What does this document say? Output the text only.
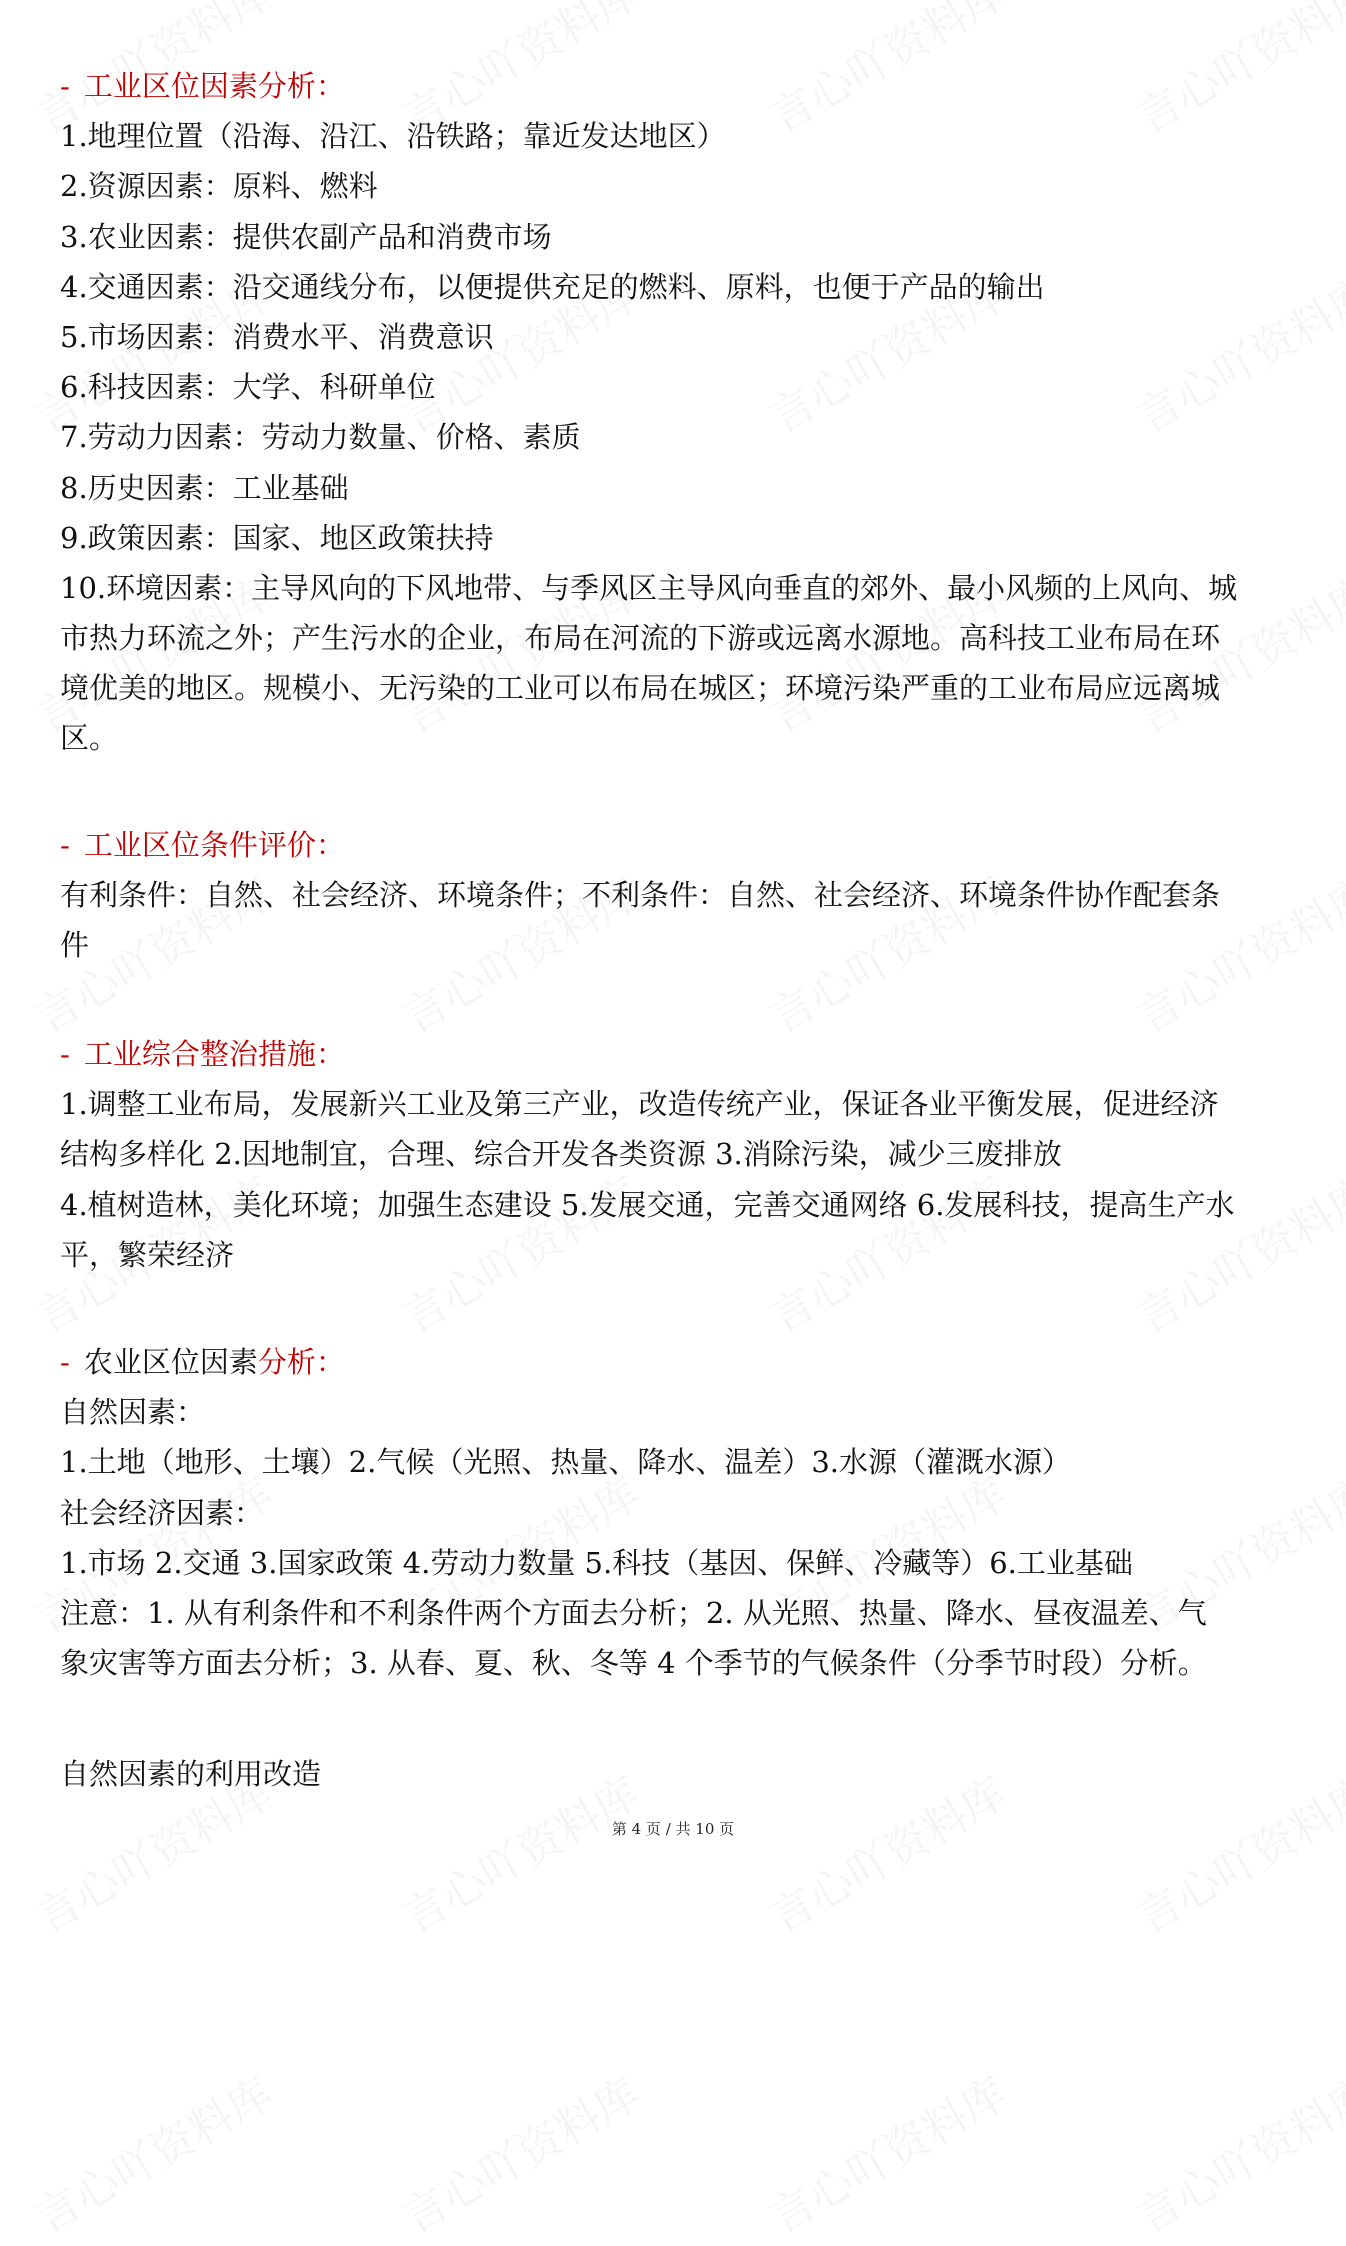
- 工业区位因素分析：
1.地理位置（沿海、沿江、沿铁路；靠近发达地区）
2.资源因素：原料、燃料
3.农业因素：提供农副产品和消费市场
4.交通因素：沿交通线分布，以便提供充足的燃料、原料，也便于产品的输出
5.市场因素：消费水平、消费意识
6.科技因素：大学、科研单位
7.劳动力因素：劳动力数量、价格、素质
8.历史因素：工业基础
9.政策因素：国家、地区政策扶持
10.环境因素：主导风向的下风地带、与季风区主导风向垂直的郊外、最小风频的上风向、城
市热力环流之外；产生污水的企业，布局在河流的下游或远离水源地。高科技工业布局在环
境优美的地区。规模小、无污染的工业可以布局在城区；环境污染严重的工业布局应远离城
区。
- 工业区位条件评价：
有利条件：自然、社会经济、环境条件；不利条件：自然、社会经济、环境条件协作配套条
件
- 工业综合整治措施：
1.调整工业布局，发展新兴工业及第三产业，改造传统产业，保证各业平衡发展，促进经济
结构多样化 2.因地制宜，合理、综合开发各类资源 3.消除污染，减少三废排放
4.植树造林，美化环境；加强生态建设 5.发展交通，完善交通网络 6.发展科技，提高生产水
平，繁荣经济
- 农业区位因素分析：
自然因素：
1.土地（地形、土壤）2.气候（光照、热量、降水、温差）3.水源（灌溉水源）
社会经济因素：
1.市场 2.交通 3.国家政策 4.劳动力数量 5.科技（基因、保鲜、冷藏等）6.工业基础
注意：1. 从有利条件和不利条件两个方面去分析；2. 从光照、热量、降水、昼夜温差、气
象灾害等方面去分析；3. 从春、夏、秋、冬等 4 个季节的气候条件（分季节时段）分析。
自然因素的利用改造
第 4 页 / 共 10 页
